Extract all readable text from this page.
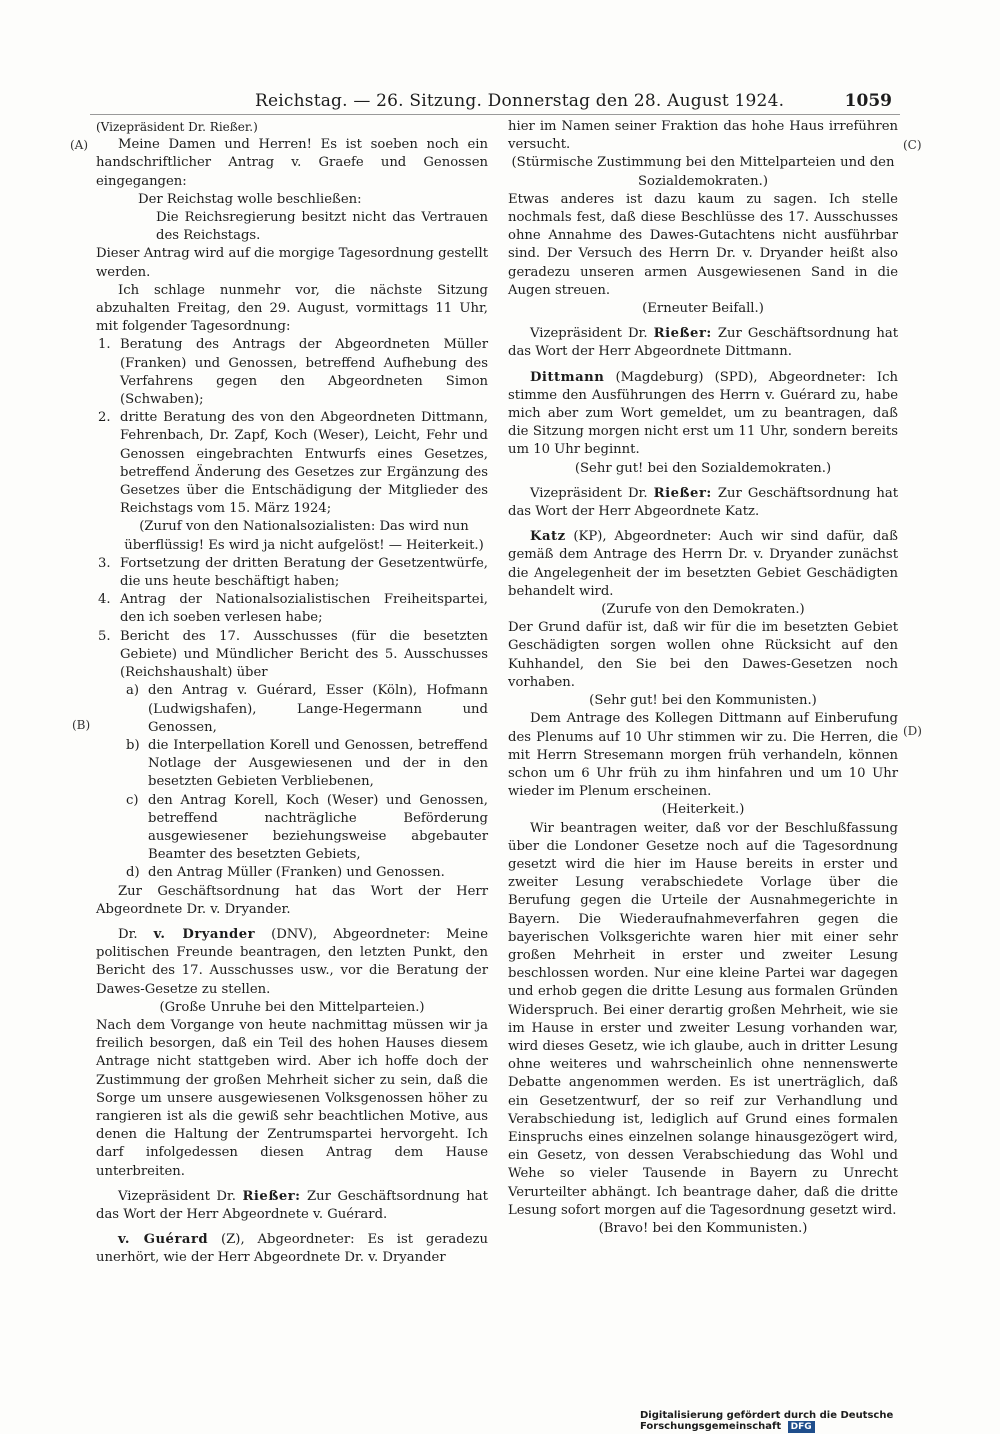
Reichstag. — 26. Sitzung. Donnerstag den 28. August 1924.	1059
(A)
(B)
(C)
(D)

(Vizepräsident Dr. Rießer.)

Meine Damen und Herren! Es ist soeben noch ein handschriftlicher Antrag v. Graefe und Genossen eingegangen:

Der Reichstag wolle beschließen:

Die Reichsregierung besitzt nicht das Vertrauen des Reichstags.

Dieser Antrag wird auf die morgige Tagesordnung gestellt werden.

Ich schlage nunmehr vor, die nächste Sitzung abzuhalten Freitag, den 29. August, vormittags 11 Uhr, mit folgender Tagesordnung:

1. Beratung des Antrags der Abgeordneten Müller (Franken) und Genossen, betreffend Aufhebung des Verfahrens gegen den Abgeordneten Simon (Schwaben);

2. dritte Beratung des von den Abgeordneten Dittmann, Fehrenbach, Dr. Zapf, Koch (Weser), Leicht, Fehr und Genossen eingebrachten Entwurfs eines Gesetzes, betreffend Änderung des Gesetzes zur Ergänzung des Gesetzes über die Entschädigung der Mitglieder des Reichstags vom 15. März 1924;

(Zuruf von den Nationalsozialisten: Das wird nun überflüssig! Es wird ja nicht aufgelöst! — Heiterkeit.)

3. Fortsetzung der dritten Beratung der Gesetzentwürfe, die uns heute beschäftigt haben;

4. Antrag der Nationalsozialistischen Freiheitspartei, den ich soeben verlesen habe;

5. Bericht des 17. Ausschusses (für die besetzten Gebiete) und Mündlicher Bericht des 5. Ausschusses (Reichshaushalt) über

a) den Antrag v. Guérard, Esser (Köln), Hofmann (Ludwigshafen), Lange-Hegermann und Genossen,

b) die Interpellation Korell und Genossen, betreffend Notlage der Ausgewiesenen und der in den besetzten Gebieten Verbliebenen,

c) den Antrag Korell, Koch (Weser) und Genossen, betreffend nachträgliche Beförderung ausgewiesener beziehungsweise abgebauter Beamter des besetzten Gebiets,

d) den Antrag Müller (Franken) und Genossen.

Zur Geschäftsordnung hat das Wort der Herr Abgeordnete Dr. v. Dryander.

Dr. v. Dryander (DNV), Abgeordneter: Meine politischen Freunde beantragen, den letzten Punkt, den Bericht des 17. Ausschusses usw., vor die Beratung der Dawes-Gesetze zu stellen.

(Große Unruhe bei den Mittelparteien.)

Nach dem Vorgange von heute nachmittag müssen wir ja freilich besorgen, daß ein Teil des hohen Hauses diesem Antrage nicht stattgeben wird. Aber ich hoffe doch der Zustimmung der großen Mehrheit sicher zu sein, daß die Sorge um unsere ausgewiesenen Volksgenossen höher zu rangieren ist als die gewiß sehr beachtlichen Motive, aus denen die Haltung der Zentrumspartei hervorgeht. Ich darf infolgedessen diesen Antrag dem Hause unterbreiten.

Vizepräsident Dr. Rießer: Zur Geschäftsordnung hat das Wort der Herr Abgeordnete v. Guérard.

v. Guérard (Z), Abgeordneter: Es ist geradezu unerhört, wie der Herr Abgeordnete Dr. v. Dryander

hier im Namen seiner Fraktion das hohe Haus irreführen versucht.

(Stürmische Zustimmung bei den Mittelparteien und den Sozialdemokraten.)

Etwas anderes ist dazu kaum zu sagen. Ich stelle nochmals fest, daß diese Beschlüsse des 17. Ausschusses ohne Annahme des Dawes-Gutachtens nicht ausführbar sind. Der Versuch des Herrn Dr. v. Dryander heißt also geradezu unseren armen Ausgewiesenen Sand in die Augen streuen.

(Erneuter Beifall.)

Vizepräsident Dr. Rießer: Zur Geschäftsordnung hat das Wort der Herr Abgeordnete Dittmann.

Dittmann (Magdeburg) (SPD), Abgeordneter: Ich stimme den Ausführungen des Herrn v. Guérard zu, habe mich aber zum Wort gemeldet, um zu beantragen, daß die Sitzung morgen nicht erst um 11 Uhr, sondern bereits um 10 Uhr beginnt.

(Sehr gut! bei den Sozialdemokraten.)

Vizepräsident Dr. Rießer: Zur Geschäftsordnung hat das Wort der Herr Abgeordnete Katz.

Katz (KP), Abgeordneter: Auch wir sind dafür, daß gemäß dem Antrage des Herrn Dr. v. Dryander zunächst die Angelegenheit der im besetzten Gebiet Geschädigten behandelt wird.

(Zurufe von den Demokraten.)

Der Grund dafür ist, daß wir für die im besetzten Gebiet Geschädigten sorgen wollen ohne Rücksicht auf den Kuhhandel, den Sie bei den Dawes-Gesetzen noch vorhaben.

(Sehr gut! bei den Kommunisten.)

Dem Antrage des Kollegen Dittmann auf Einberufung des Plenums auf 10 Uhr stimmen wir zu. Die Herren, die mit Herrn Stresemann morgen früh verhandeln, können schon um 6 Uhr früh zu ihm hinfahren und um 10 Uhr wieder im Plenum erscheinen.

(Heiterkeit.)

Wir beantragen weiter, daß vor der Beschlußfassung über die Londoner Gesetze noch auf die Tagesordnung gesetzt wird die hier im Hause bereits in erster und zweiter Lesung verabschiedete Vorlage über die Berufung gegen die Urteile der Ausnahmegerichte in Bayern. Die Wiederaufnahmeverfahren gegen die bayerischen Volksgerichte waren hier mit einer sehr großen Mehrheit in erster und zweiter Lesung beschlossen worden. Nur eine kleine Partei war dagegen und erhob gegen die dritte Lesung aus formalen Gründen Widerspruch. Bei einer derartig großen Mehrheit, wie sie im Hause in erster und zweiter Lesung vorhanden war, wird dieses Gesetz, wie ich glaube, auch in dritter Lesung ohne weiteres und wahrscheinlich ohne nennenswerte Debatte angenommen werden. Es ist unerträglich, daß ein Gesetzentwurf, der so reif zur Verhandlung und Verabschiedung ist, lediglich auf Grund eines formalen Einspruchs eines einzelnen solange hinausgezögert wird, ein Gesetz, von dessen Verabschiedung das Wohl und Wehe so vieler Tausende in Bayern zu Unrecht Verurteilter abhängt. Ich beantrage daher, daß die dritte Lesung sofort morgen auf die Tagesordnung gesetzt wird.

(Bravo! bei den Kommunisten.)

Digitalisierung gefördert durch die Deutsche Forschungsgemeinschaft DFG
